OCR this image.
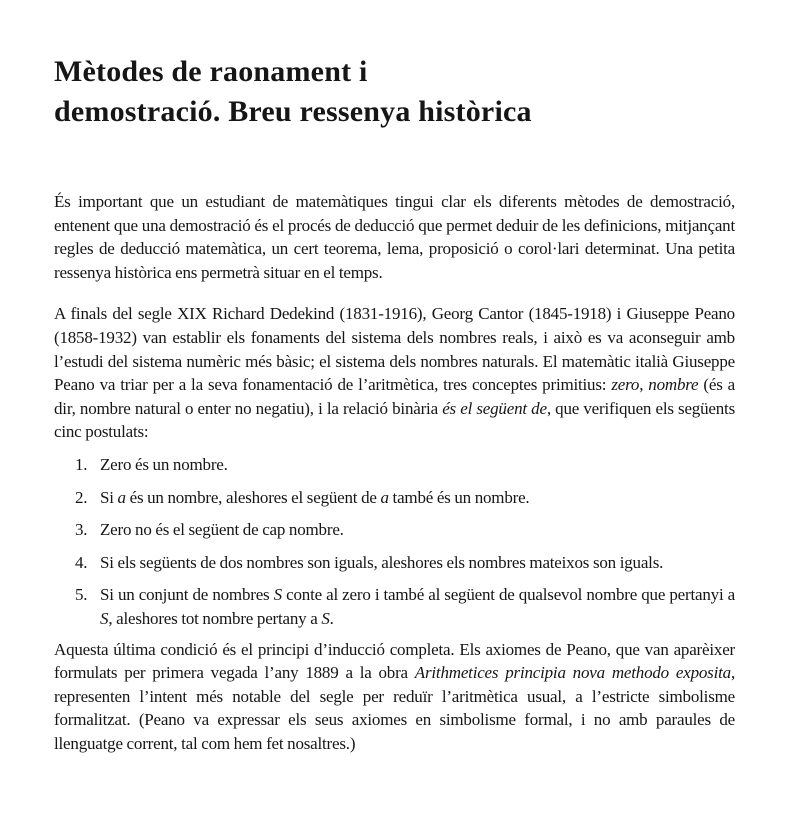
Mètodes de raonament i
demostració. Breu ressenya històrica

És important que un estudiant de matemàtiques tingui clar els diferents mètodes de demostració, entenent que una demostració és el procés de deducció que permet deduir de les definicions, mitjançant regles de deducció matemàtica, un cert teorema, lema, proposició o corol·lari determinat. Una petita ressenya històrica ens permetrà situar en el temps.

A finals del segle XIX Richard Dedekind (1831-1916), Georg Cantor (1845-1918) i Giuseppe Peano (1858-1932) van establir els fonaments del sistema dels nombres reals, i això es va aconseguir amb l’estudi del sistema numèric més bàsic; el sistema dels nombres naturals. El matemàtic italià Giuseppe Peano va triar per a la seva fonamentació de l’aritmètica, tres conceptes primitius: zero, nombre (és a dir, nombre natural o enter no negatiu), i la relació binària és el següent de, que verifiquen els següents cinc postulats:

1. Zero és un nombre.
2. Si a és un nombre, aleshores el següent de a també és un nombre.
3. Zero no és el següent de cap nombre.
4. Si els següents de dos nombres son iguals, aleshores els nombres mateixos son iguals.
5. Si un conjunt de nombres S conte al zero i també al següent de qualsevol nombre que pertanyi a S, aleshores tot nombre pertany a S.

Aquesta última condició és el principi d’inducció completa. Els axiomes de Peano, que van aparèixer formulats per primera vegada l’any 1889 a la obra Arithmetices principia nova methodo exposita, representen l’intent més notable del segle per reduïr l’aritmètica usual, a l’estricte simbolisme formalitzat. (Peano va expressar els seus axiomes en simbolisme formal, i no amb paraules de llenguatge corrent, tal com hem fet nosaltres.)
